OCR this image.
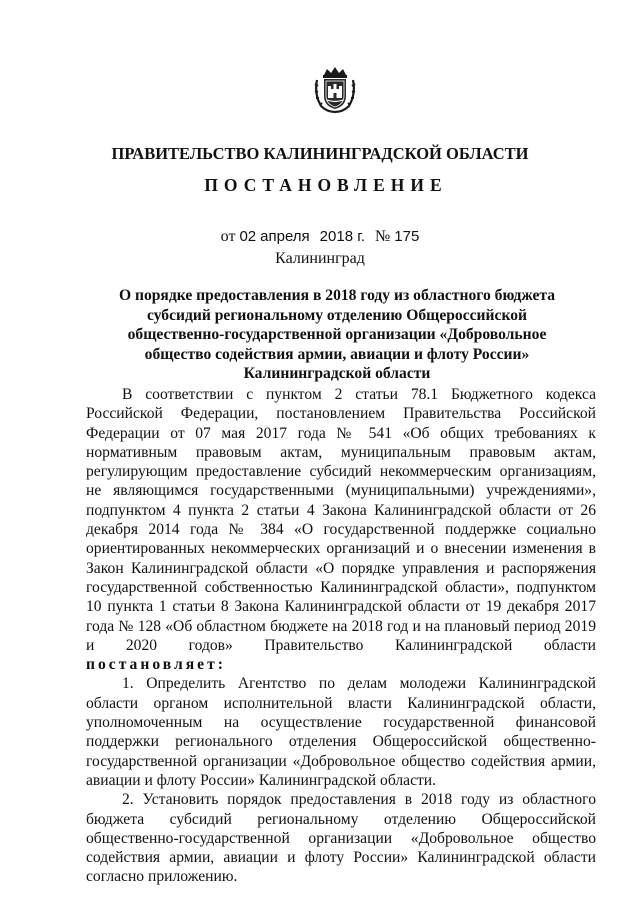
ПРАВИТЕЛЬСТВО КАЛИНИНГРАДСКОЙ ОБЛАСТИ
ПОСТАНОВЛЕНИЕ
от 02 апреля 2018 г. № 175
Калининград
О порядке предоставления в 2018 году из областного бюджета субсидий региональному отделению Общероссийской общественно-государственной организации «Добровольное общество содействия армии, авиации и флоту России» Калининградской области

В соответствии с пунктом 2 статьи 78.1 Бюджетного кодекса Российской Федерации, постановлением Правительства Российской Федерации от 07 мая 2017 года № 541 «Об общих требованиях к нормативным правовым актам, муниципальным правовым актам, регулирующим предоставление субсидий некоммерческим организациям, не являющимся государственными (муниципальными) учреждениями», подпунктом 4 пункта 2 статьи 4 Закона Калининградской области от 26 декабря 2014 года № 384 «О государственной поддержке социально ориентированных некоммерческих организаций и о внесении изменения в Закон Калининградской области «О порядке управления и распоряжения государственной собственностью Калининградской области», подпунктом 10 пункта 1 статьи 8 Закона Калининградской области от 19 декабря 2017 года № 128 «Об областном бюджете на 2018 год и на плановый период 2019 и 2020 годов» Правительство Калининградской области постановляет:

1. Определить Агентство по делам молодежи Калининградской области органом исполнительной власти Калининградской области, уполномоченным на осуществление государственной финансовой поддержки регионального отделения Общероссийской общественно-государственной организации «Добровольное общество содействия армии, авиации и флоту России» Калининградской области.

2. Установить порядок предоставления в 2018 году из областного бюджета субсидий региональному отделению Общероссийской общественно-государственной организации «Добровольное общество содействия армии, авиации и флоту России» Калининградской области согласно приложению.
